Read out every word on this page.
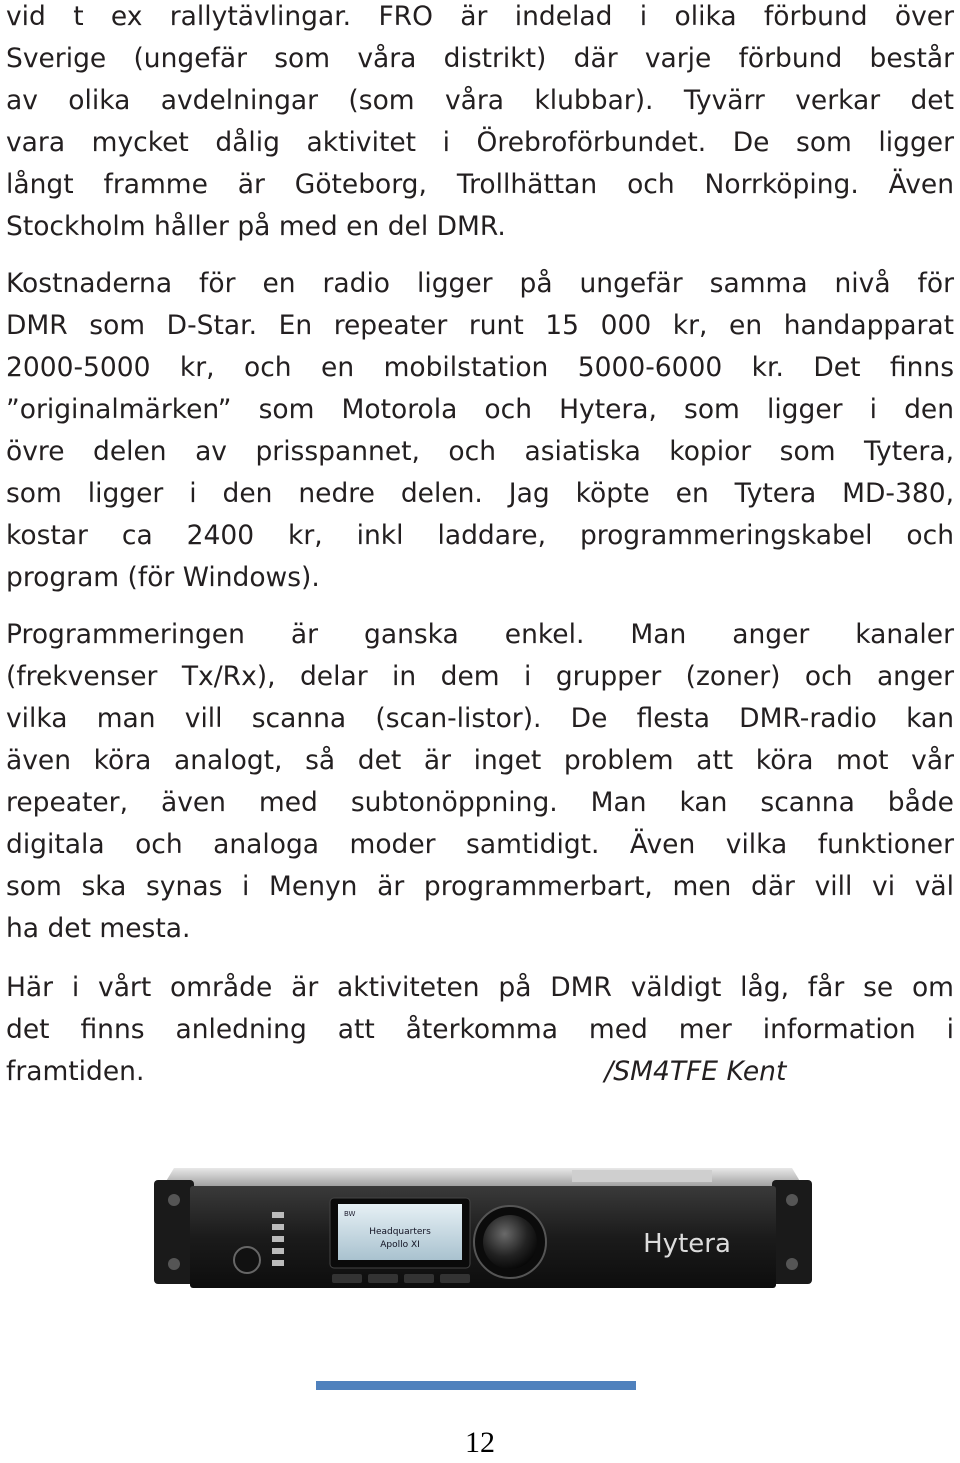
vid t ex rallytävlingar. FRO är indelad i olika förbund över
Sverige (ungefär som våra distrikt) där varje förbund består
av olika avdelningar (som våra klubbar). Tyvärr verkar det
vara mycket dålig aktivitet i Örebroförbundet. De som ligger
långt framme är Göteborg, Trollhättan och Norrköping. Även
Stockholm håller på med en del DMR.
Kostnaderna för en radio ligger på ungefär samma nivå för
DMR som D-Star. En repeater runt 15 000 kr, en handapparat
2000-5000 kr, och en mobilstation 5000-6000 kr. Det finns
”originalmärken” som Motorola och Hytera, som ligger i den
övre delen av prisspannet, och asiatiska kopior som Tytera,
som ligger i den nedre delen. Jag köpte en Tytera MD-380,
kostar ca 2400 kr, inkl laddare, programmeringskabel och
program (för Windows).
Programmeringen är ganska enkel. Man anger kanaler
(frekvenser Tx/Rx), delar in dem i grupper (zoner) och anger
vilka man vill scanna (scan-listor). De flesta DMR-radio kan
även köra analogt, så det är inget problem att köra mot vår
repeater, även med subtonöppning. Man kan scanna både
digitala och analoga moder samtidigt. Även vilka funktioner
som ska synas i Menyn är programmerbart, men där vill vi väl
ha det mesta.
Här i vårt område är aktiviteten på DMR väldigt låg, får se om
det finns anledning att återkomma med mer information i
framtiden.	/SM4TFE Kent
BW
Headquarters
Apollo XI	Hytera
12
